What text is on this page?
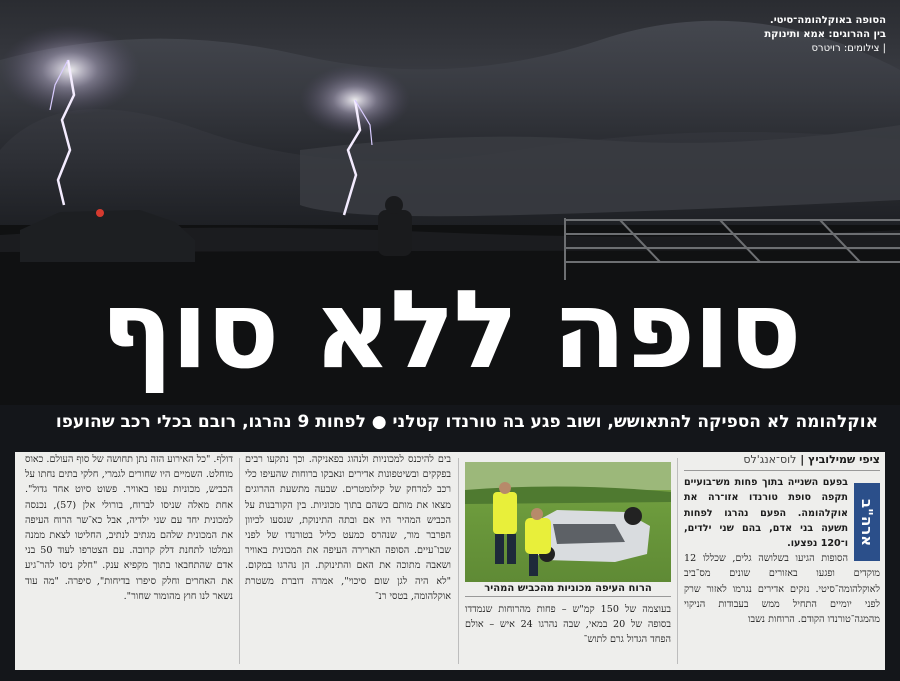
הסופה באוקלהומה־סיטי.
בין ההרוגים: אמא ותינוקת
| צילומים: רויטרס
סופה ללא סוף
אוקלהומה לא הספיקה להתאושש, ושוב פגע בה טורנדו קטלני ● לפחות 9 נהרגו, רובם בכלי רכב שהועפו
ציפי שמילוביץ | לוס־אנג'לס
ארה"ב

בפעם השנייה בתוך פחות מש־בועיים תקפה סופת טורנדו אזו־רה את אוקלהומה. הפעם נהרגו לפחות תשעה בני אדם, בהם שני ילדים, ו־120 נפצעו.

הסופות הגיעו בשלושה גלים, שכללו 12 מוקדים ופגעו באזורים שונים מס־ביב לאוקלהומה־סיטי. נזקים אדירים נגרמו לאזור שרק לפני יומיים התחיל ממש בעבודות הניקוי מהמגה־טורנדו הקודם. הרוחות נשבו

הרוח העיפה מכוניות מהכביש המהיר

בעוצמה של 150 קמ"ש – פחות מהרוחות שנמדדו בסופה של 20 במאי, שבה נהרגו 24 איש – אולם הפחד הגדול גרם לתוש־

בים להיכנס למכוניות ולנהוג בפאניקה. וכך נתקעו רבים בפקקים ובשיטפונות אדירים ונאבקו ברוחות שהעיפו כלי רכב למרחק של קילומטרים. שבעה מתשעת ההרוגים מצאו את מותם כשהם בתוך מכוניות. בין הקורבנות על הכביש המהיר היו אם ובתה התינוקת, שנסעו לכיוון הפרבר מור, שנהרס כמעט כליל בטורנדו של לפני שבו־עיים. הסופה הארירה העיפה את המכונית באוויר ושאבה מתוכה את האם והתינוקת. הן נהרגו במקום. "לא היה לגן שום סיכוי", אמרה דוברת משטרת אוקלהומה, בטסי רנ־

דולף. "כל האירוע הזה נתן תחושה של סוף העולם. כאוס מוחלט. השמיים היו שחורים לגמרי, חלקי בתים נחתו על הכביש, מכוניות עפו באוויר. פשוט סיוט אחד גדול". אחת מאלה שניסו לברוח, בורולי אלן (57), נכנסה למכונית יחד עם שני ילדיה, אבל כא־שר הרוח העיפה את המכונית שלהם מגתיב לנתיב, החליטו לצאת ממנה ונמלטו לתחנת דלק קרובה. עם הצטרפו לעוד 50 בני אדם שהתחבאו בתוך מקפיא ענק. "חלק ניסו להר־גיע את האחרים וחלק סיפרו בדיחות", סיפרה. "מה עוד נשאר לנו חוץ מהומור שחור".
